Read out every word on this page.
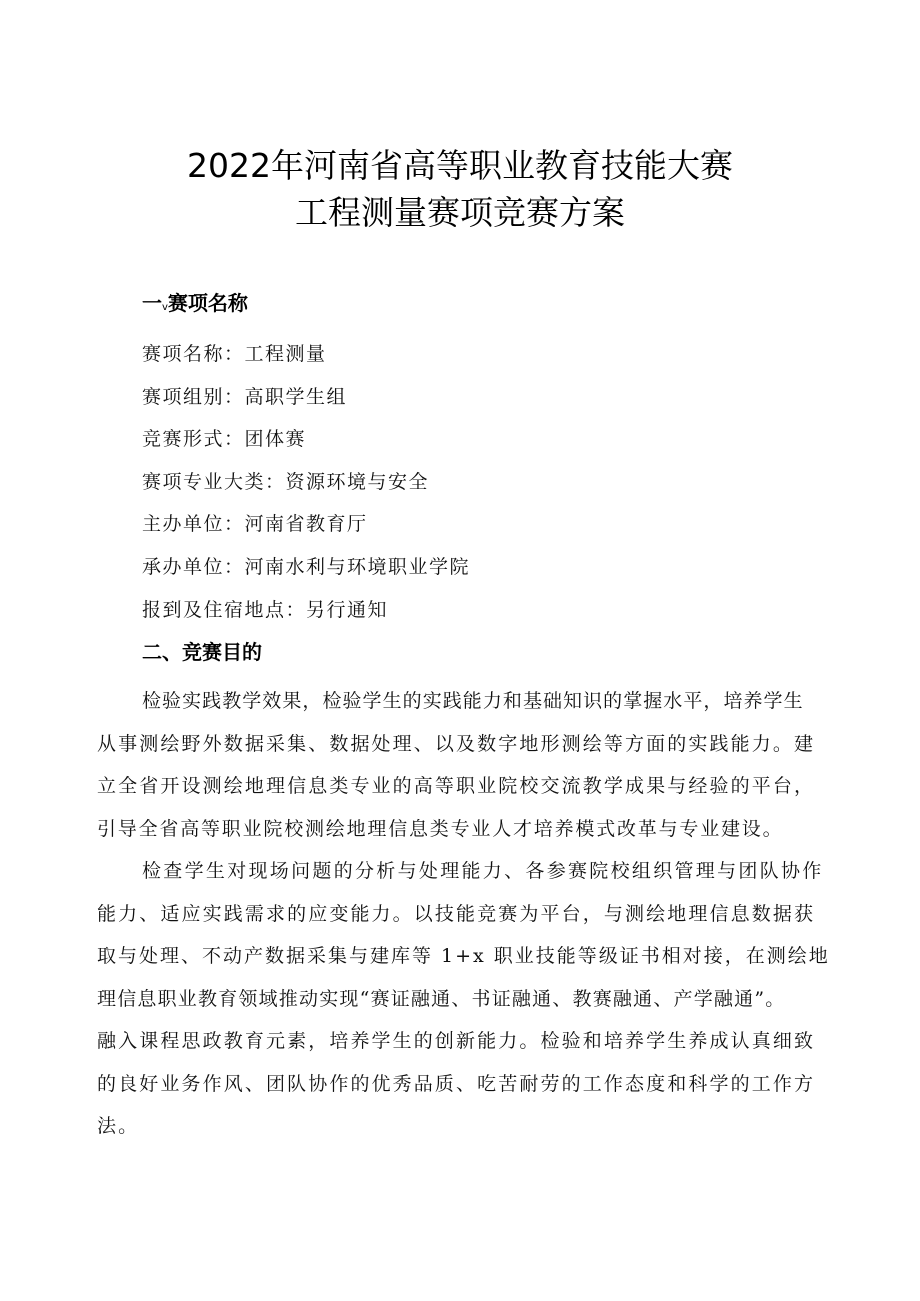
2022年河南省高等职业教育技能大赛
工程测量赛项竞赛方案
一v赛项名称
赛项名称：工程测量
赛项组别：高职学生组
竞赛形式：团体赛
赛项专业大类：资源环境与安全
主办单位：河南省教育厅
承办单位：河南水利与环境职业学院
报到及住宿地点：另行通知
二、竞赛目的
检验实践教学效果，检验学生的实践能力和基础知识的掌握水平，培养学生
从事测绘野外数据采集、数据处理、以及数字地形测绘等方面的实践能力。建
立全省开设测绘地理信息类专业的高等职业院校交流教学成果与经验的平台，
引导全省高等职业院校测绘地理信息类专业人才培养模式改革与专业建设。
检查学生对现场问题的分析与处理能力、各参赛院校组织管理与团队协作
能力、适应实践需求的应变能力。以技能竞赛为平台，与测绘地理信息数据获
取与处理、不动产数据采集与建库等 1+x 职业技能等级证书相对接，在测绘地
理信息职业教育领域推动实现“赛证融通、书证融通、教赛融通、产学融通”。
融入课程思政教育元素，培养学生的创新能力。检验和培养学生养成认真细致
的良好业务作风、团队协作的优秀品质、吃苦耐劳的工作态度和科学的工作方
法。
